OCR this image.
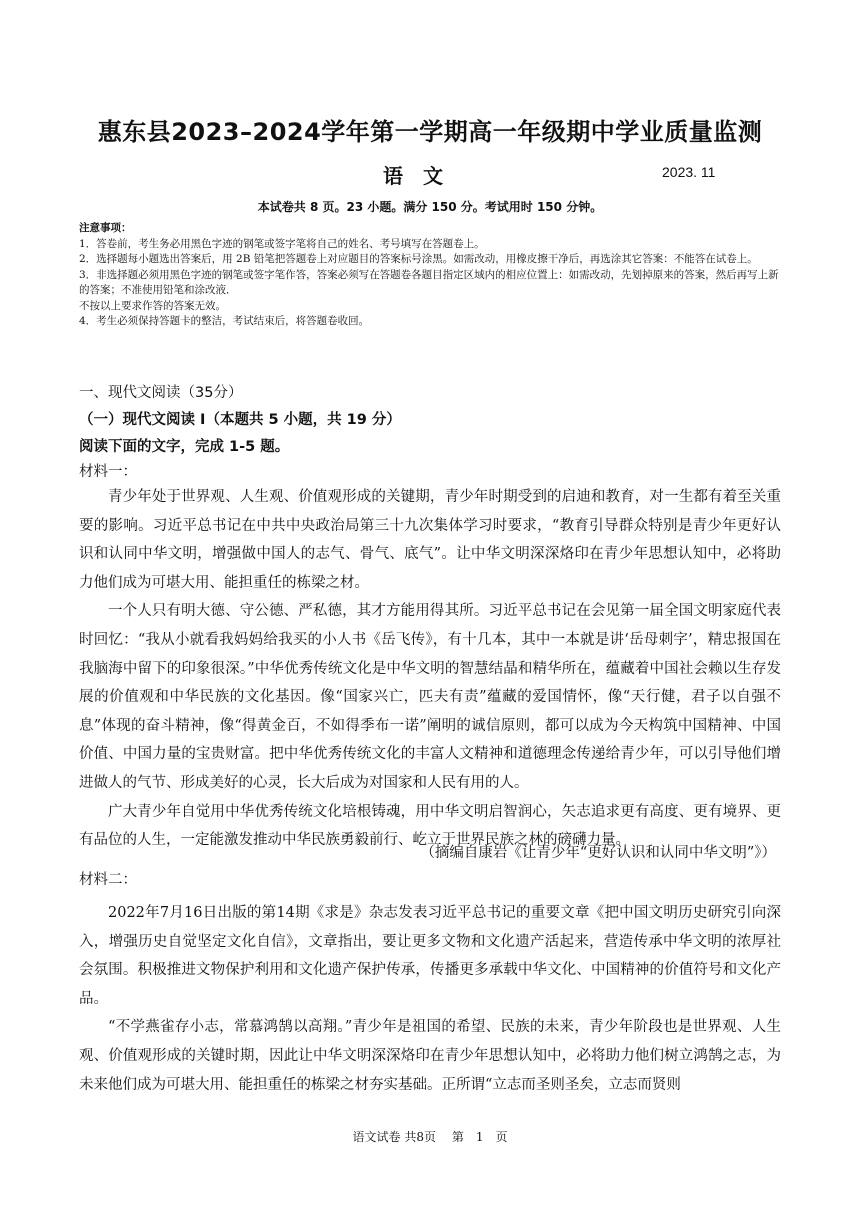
惠东县2023–2024学年第一学期高一年级期中学业质量监测
语文	2023. 11
本试卷共 8 页。23 小题。满分 150 分。考试用时 150 分钟。

注意事项：

1．答卷前，考生务必用黑色字迹的钢笔或签字笔将自己的姓名、考号填写在答题卷上。

2．选择题每小题选出答案后，用 2B 铅笔把答题卷上对应题目的答案标号涂黑。如需改动，用橡皮擦干净后，再选涂其它答案：不能答在试卷上。

3．非选择题必须用黑色字迹的钢笔或签字笔作答，答案必须写在答题卷各题目指定区域内的相应位置上：如需改动，先划掉原来的答案，然后再写上新的答案；不准使用铅笔和涂改液．

不按以上要求作答的答案无效。

4．考生必须保持答题卡的整洁，考试结束后，将答题卷收回。

一、现代文阅读（35分）
（一）现代文阅读 I（本题共 5 小题，共 19 分）
阅读下面的文字，完成 1-5 题。
材料一：

青少年处于世界观、人生观、价值观形成的关键期，青少年时期受到的启迪和教育，对一生都有着至关重要的影响。习近平总书记在中共中央政治局第三十九次集体学习时要求，“教育引导群众特别是青少年更好认识和认同中华文明，增强做中国人的志气、骨气、底气”。让中华文明深深烙印在青少年思想认知中，必将助力他们成为可堪大用、能担重任的栋梁之材。

一个人只有明大德、守公德、严私德，其才方能用得其所。习近平总书记在会见第一届全国文明家庭代表时回忆：“我从小就看我妈妈给我买的小人书《岳飞传》，有十几本，其中一本就是讲‘岳母刺字’，精忠报国在我脑海中留下的印象很深。”中华优秀传统文化是中华文明的智慧结晶和精华所在，蕴藏着中国社会赖以生存发展的价值观和中华民族的文化基因。像“国家兴亡，匹夫有责”蕴藏的爱国情怀，像“天行健，君子以自强不息”体现的奋斗精神，像“得黄金百，不如得季布一诺”阐明的诚信原则，都可以成为今天构筑中国精神、中国价值、中国力量的宝贵财富。把中华优秀传统文化的丰富人文精神和道德理念传递给青少年，可以引导他们增进做人的气节、形成美好的心灵，长大后成为对国家和人民有用的人。

广大青少年自觉用中华优秀传统文化培根铸魂，用中华文明启智润心，矢志追求更有高度、更有境界、更有品位的人生，一定能激发推动中华民族勇毅前行、屹立于世界民族之林的磅礴力量。

（摘编自康岩《让青少年“更好认识和认同中华文明”》）
材料二：

2022年7月16日出版的第14期《求是》杂志发表习近平总书记的重要文章《把中国文明历史研究引向深入，增强历史自觉坚定文化自信》，文章指出，要让更多文物和文化遗产活起来，营造传承中华文明的浓厚社会氛围。积极推进文物保护利用和文化遗产保护传承，传播更多承载中华文化、中国精神的价值符号和文化产品。

“不学燕雀存小志，常慕鸿鹄以高翔。”青少年是祖国的希望、民族的未来，青少年阶段也是世界观、人生观、价值观形成的关键时期，因此让中华文明深深烙印在青少年思想认知中，必将助力他们树立鸿鹄之志，为未来他们成为可堪大用、能担重任的栋梁之材夯实基础。正所谓“立志而圣则圣矣，立志而贤则

语文试卷 共8页 第　1　页
